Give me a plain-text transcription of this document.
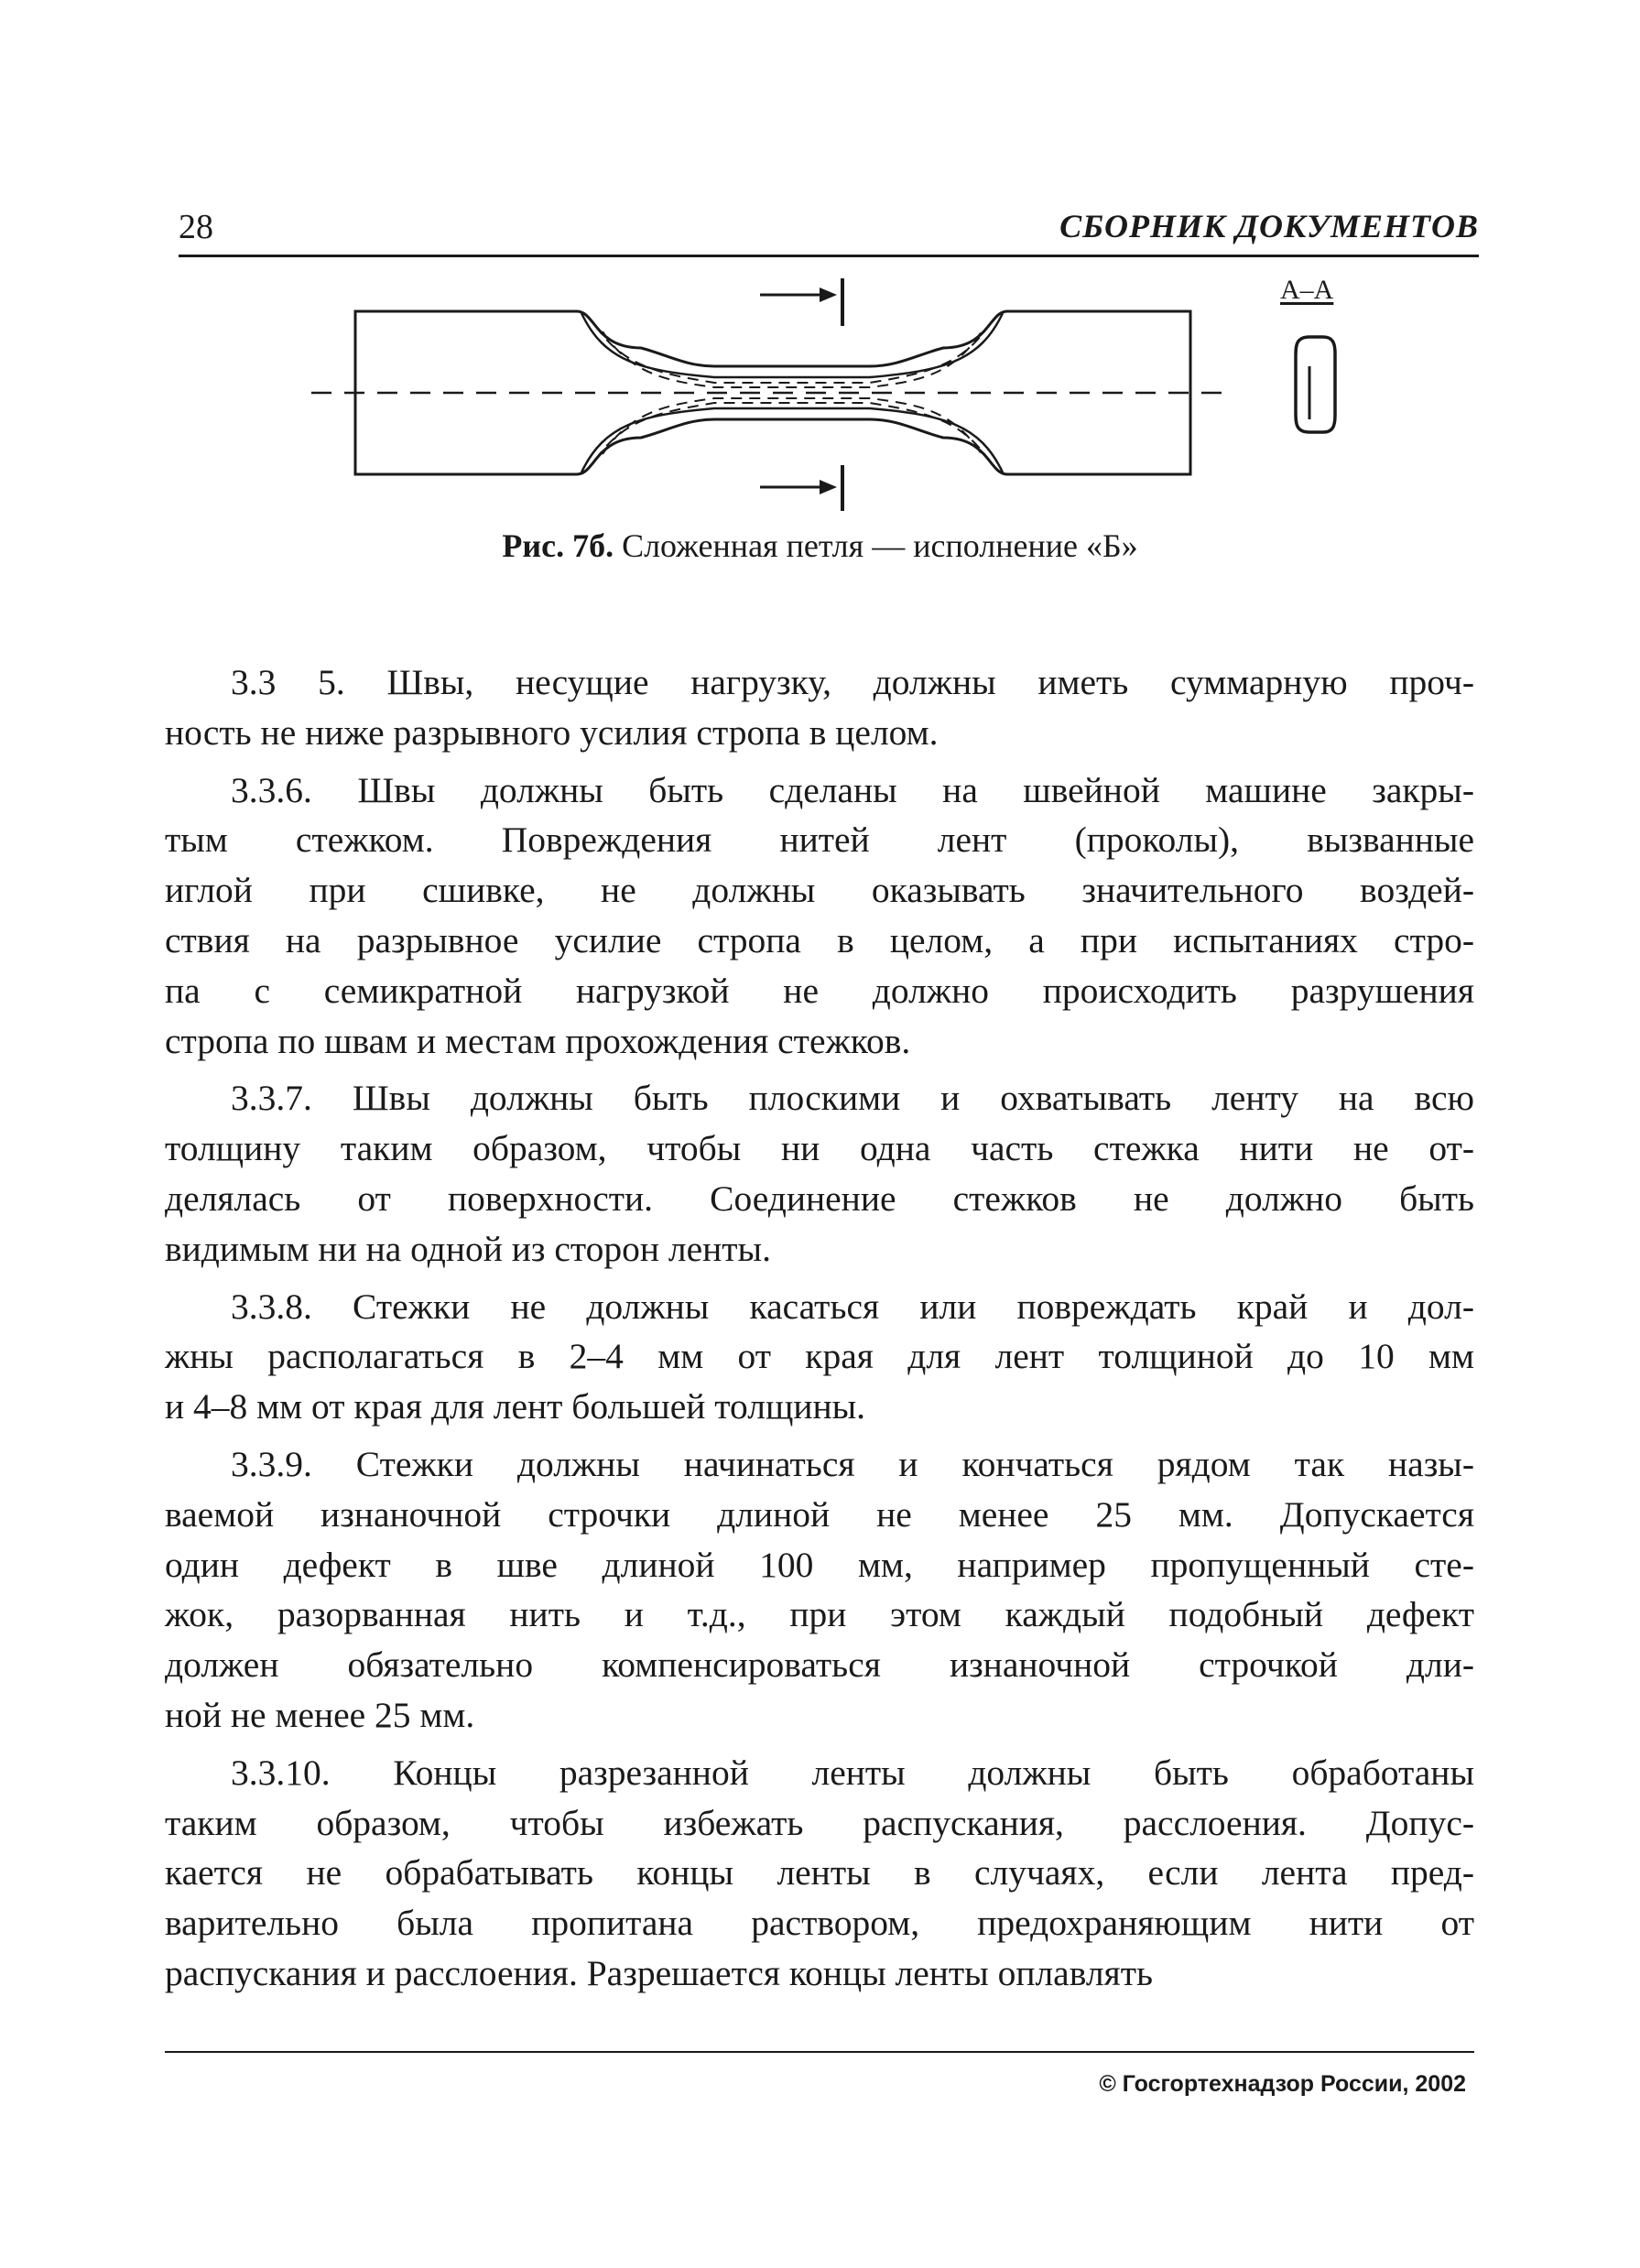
28	СБОРНИК ДОКУМЕНТОВ
А–А
Рис. 7б. Сложенная петля — исполнение «Б»
3.3 5. Швы, несущие нагрузку, должны иметь суммарную проч-
ность не ниже разрывного усилия стропа в целом.
3.3.6. Швы должны быть сделаны на швейной машине закры-
тым стежком. Повреждения нитей лент (проколы), вызванные
иглой при сшивке, не должны оказывать значительного воздей-
ствия на разрывное усилие стропа в целом, а при испытаниях стро-
па с семикратной нагрузкой не должно происходить разрушения
стропа по швам и местам прохождения стежков.
3.3.7. Швы должны быть плоскими и охватывать ленту на всю
толщину таким образом, чтобы ни одна часть стежка нити не от-
делялась от поверхности. Соединение стежков не должно быть
видимым ни на одной из сторон ленты.
3.3.8. Стежки не должны касаться или повреждать край и дол-
жны располагаться в 2–4 мм от края для лент толщиной до 10 мм
и 4–8 мм от края для лент большей толщины.
3.3.9. Стежки должны начинаться и кончаться рядом так назы-
ваемой изнаночной строчки длиной не менее 25 мм. Допускается
один дефект в шве длиной 100 мм, например пропущенный сте-
жок, разорванная нить и т.д., при этом каждый подобный дефект
должен обязательно компенсироваться изнаночной строчкой дли-
ной не менее 25 мм.
3.3.10. Концы разрезанной ленты должны быть обработаны
таким образом, чтобы избежать распускания, расслоения. Допус-
кается не обрабатывать концы ленты в случаях, если лента пред-
варительно была пропитана раствором, предохраняющим нити от
распускания и расслоения. Разрешается концы ленты оплавлять
© Госгортехнадзор России, 2002
